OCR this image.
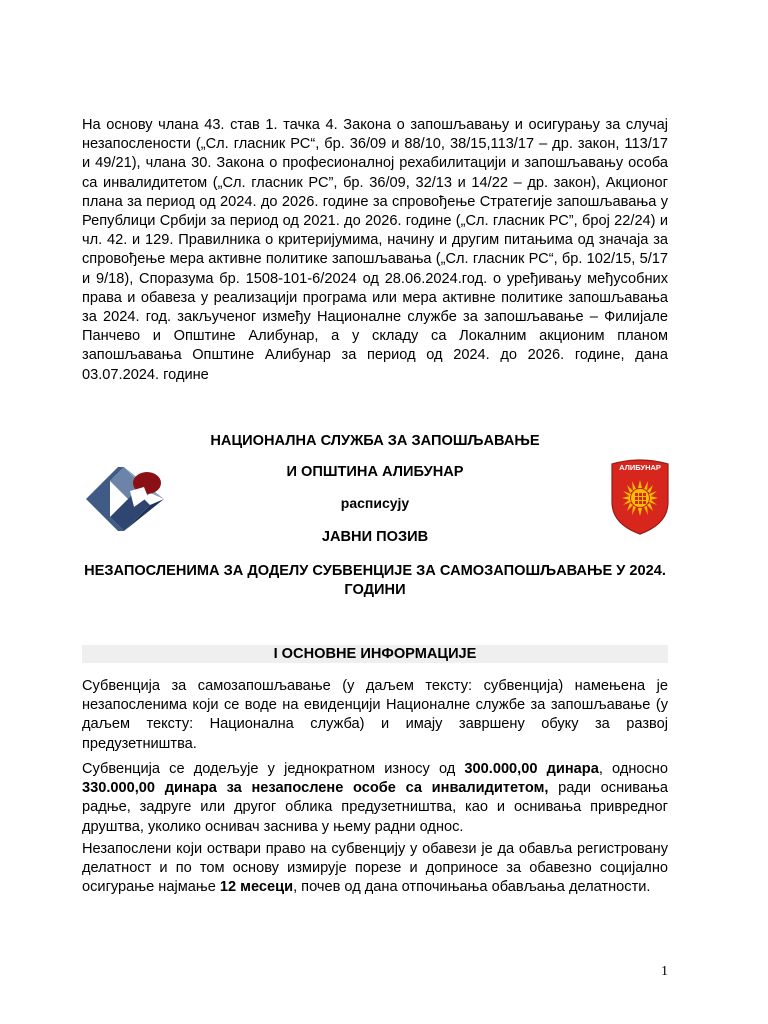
На основу члана 43. став 1. тачка 4. Закона о запошљавању и осигурању за случај незапослености („Сл. гласник РС“, бр. 36/09 и 88/10, 38/15,113/17 – др. закон, 113/17 и 49/21), члана 30. Закона о професионалној рехабилитацији и запошљавању особа са инвалидитетом („Сл. гласник РС”, бр. 36/09, 32/13 и 14/22 – др. закон), Акционог плана за период од 2024. до 2026. године за спровођење Стратегије запошљавања у Републици Србији за период од 2021. до 2026. године („Сл. гласник РС”, број 22/24) и чл. 42. и 129. Правилника о критеријумима, начину и другим питањима од значаја за спровођење мера активне политике запошљавања („Сл. гласник РС“, бр. 102/15, 5/17 и 9/18), Споразума бр. 1508-101-6/2024 од 28.06.2024.год. о уређивању међусобних права и обавеза у реализацији програма или мера активне политике запошљавања за 2024. год. закљученог између Националне службе за запошљавање – Филијале Панчево и Општине Алибунар, а у складу са Локалним акционим планом запошљавања Општине Алибунар за период од 2024. до 2026. године, дана 03.07.2024. године
НАЦИОНАЛНА СЛУЖБА ЗА ЗАПОШЉАВАЊЕ
И ОПШТИНА АЛИБУНАР
расписују
ЈАВНИ ПОЗИВ
НЕЗАПОСЛЕНИМА ЗА ДОДЕЛУ СУБВЕНЦИЈЕ ЗА САМОЗАПОШЉАВАЊЕ У 2024. ГОДИНИ
АЛИБУНАР
I ОСНОВНЕ ИНФОРМАЦИЈЕ
Субвенција за самозапошљавање (у даљем тексту: субвенција) намењена је незапосленима који се воде на евиденцији Националне службе за запошљавање (у даљем тексту: Национална служба) и имају завршену обуку за развој предузетништва.
Субвенција се додељује у једнократном износу од 300.000,00 динара, односно 330.000,00 динара за незапослене особе са инвалидитетом, ради оснивања радње, задруге или другог облика предузетништва, као и оснивања привредног друштва, уколико оснивач заснива у њему радни однос.
Незапослени који оствари право на субвенцију у обавези је да обавља регистровану делатност и по том основу измирује порезе и доприносе за обавезно социјално осигурање најмање 12 месеци, почев од дана отпочињања обављања делатности.
1
